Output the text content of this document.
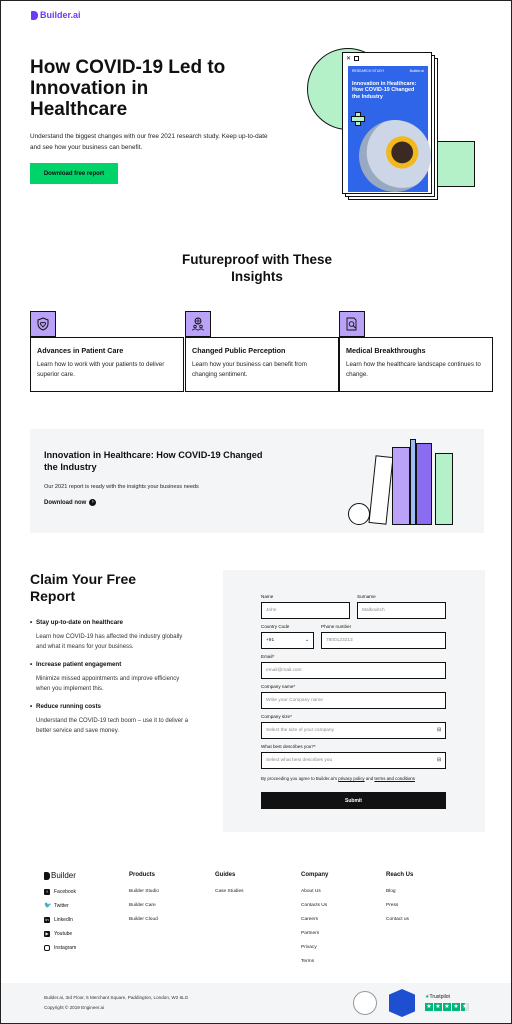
Builder.ai
How COVID-19 Led to Innovation in Healthcare

Understand the biggest changes with our free 2021 research study. Keep up-to-date and see how your business can benefit.

Download free report
✕
RESEARCH STUDY	Builder.ai
Innovation in Healthcare: How COVID-19 Changed the Industry
Futureproof with These Insights
Advances in Patient Care

Learn how to work with your patients to deliver superior care.

Changed Public Perception

Learn how your business can benefit from changing sentiment.

Medical Breakthroughs

Learn how the healthcare landscape continues to change.

Innovation in Healthcare: How COVID-19 Changed the Industry

Our 2021 report is ready with the insights your business needs

Download now	›
Claim Your Free Report
• Stay up-to-date on healthcare

Learn how COVID-19 has affected the industry globally and what it means for your business.

• Increase patient engagement

Minimize missed appointments and improve efficiency when you implement this.

• Reduce running costs

Understand the COVID-19 tech boom – use it to deliver a better service and save money.

Name
John
Surname
Malkovitch
Country Code
+91	⌄
Phone number
7800123213
Email*
email@mail.com
Company name*
Write your Company name
Company size*
Select the size of your company	⊟
What best describes you?*
Select what best describes you	⊟
By proceeding you agree to Builder.ai's privacy policy and terms and conditions
Submit
Builder
f	Facebook
🐦 Twitter
in LinkedIn
▶ Youtube
Instagram
Products
Builder Studio
Builder Care
Builder Cloud
Guides
Case Studies
Company
About Us
Contacts Us
Careers
Partners
Privacy
Terms
Reach Us
Blog
Press
Contact us
Builder.ai, 3rd Floor, 5 Merchant Square, Paddington, London, W2 6LG
Copyright © 2019 Engineer.ai
★Trustpilot
★ ★ ★ ★ ★
